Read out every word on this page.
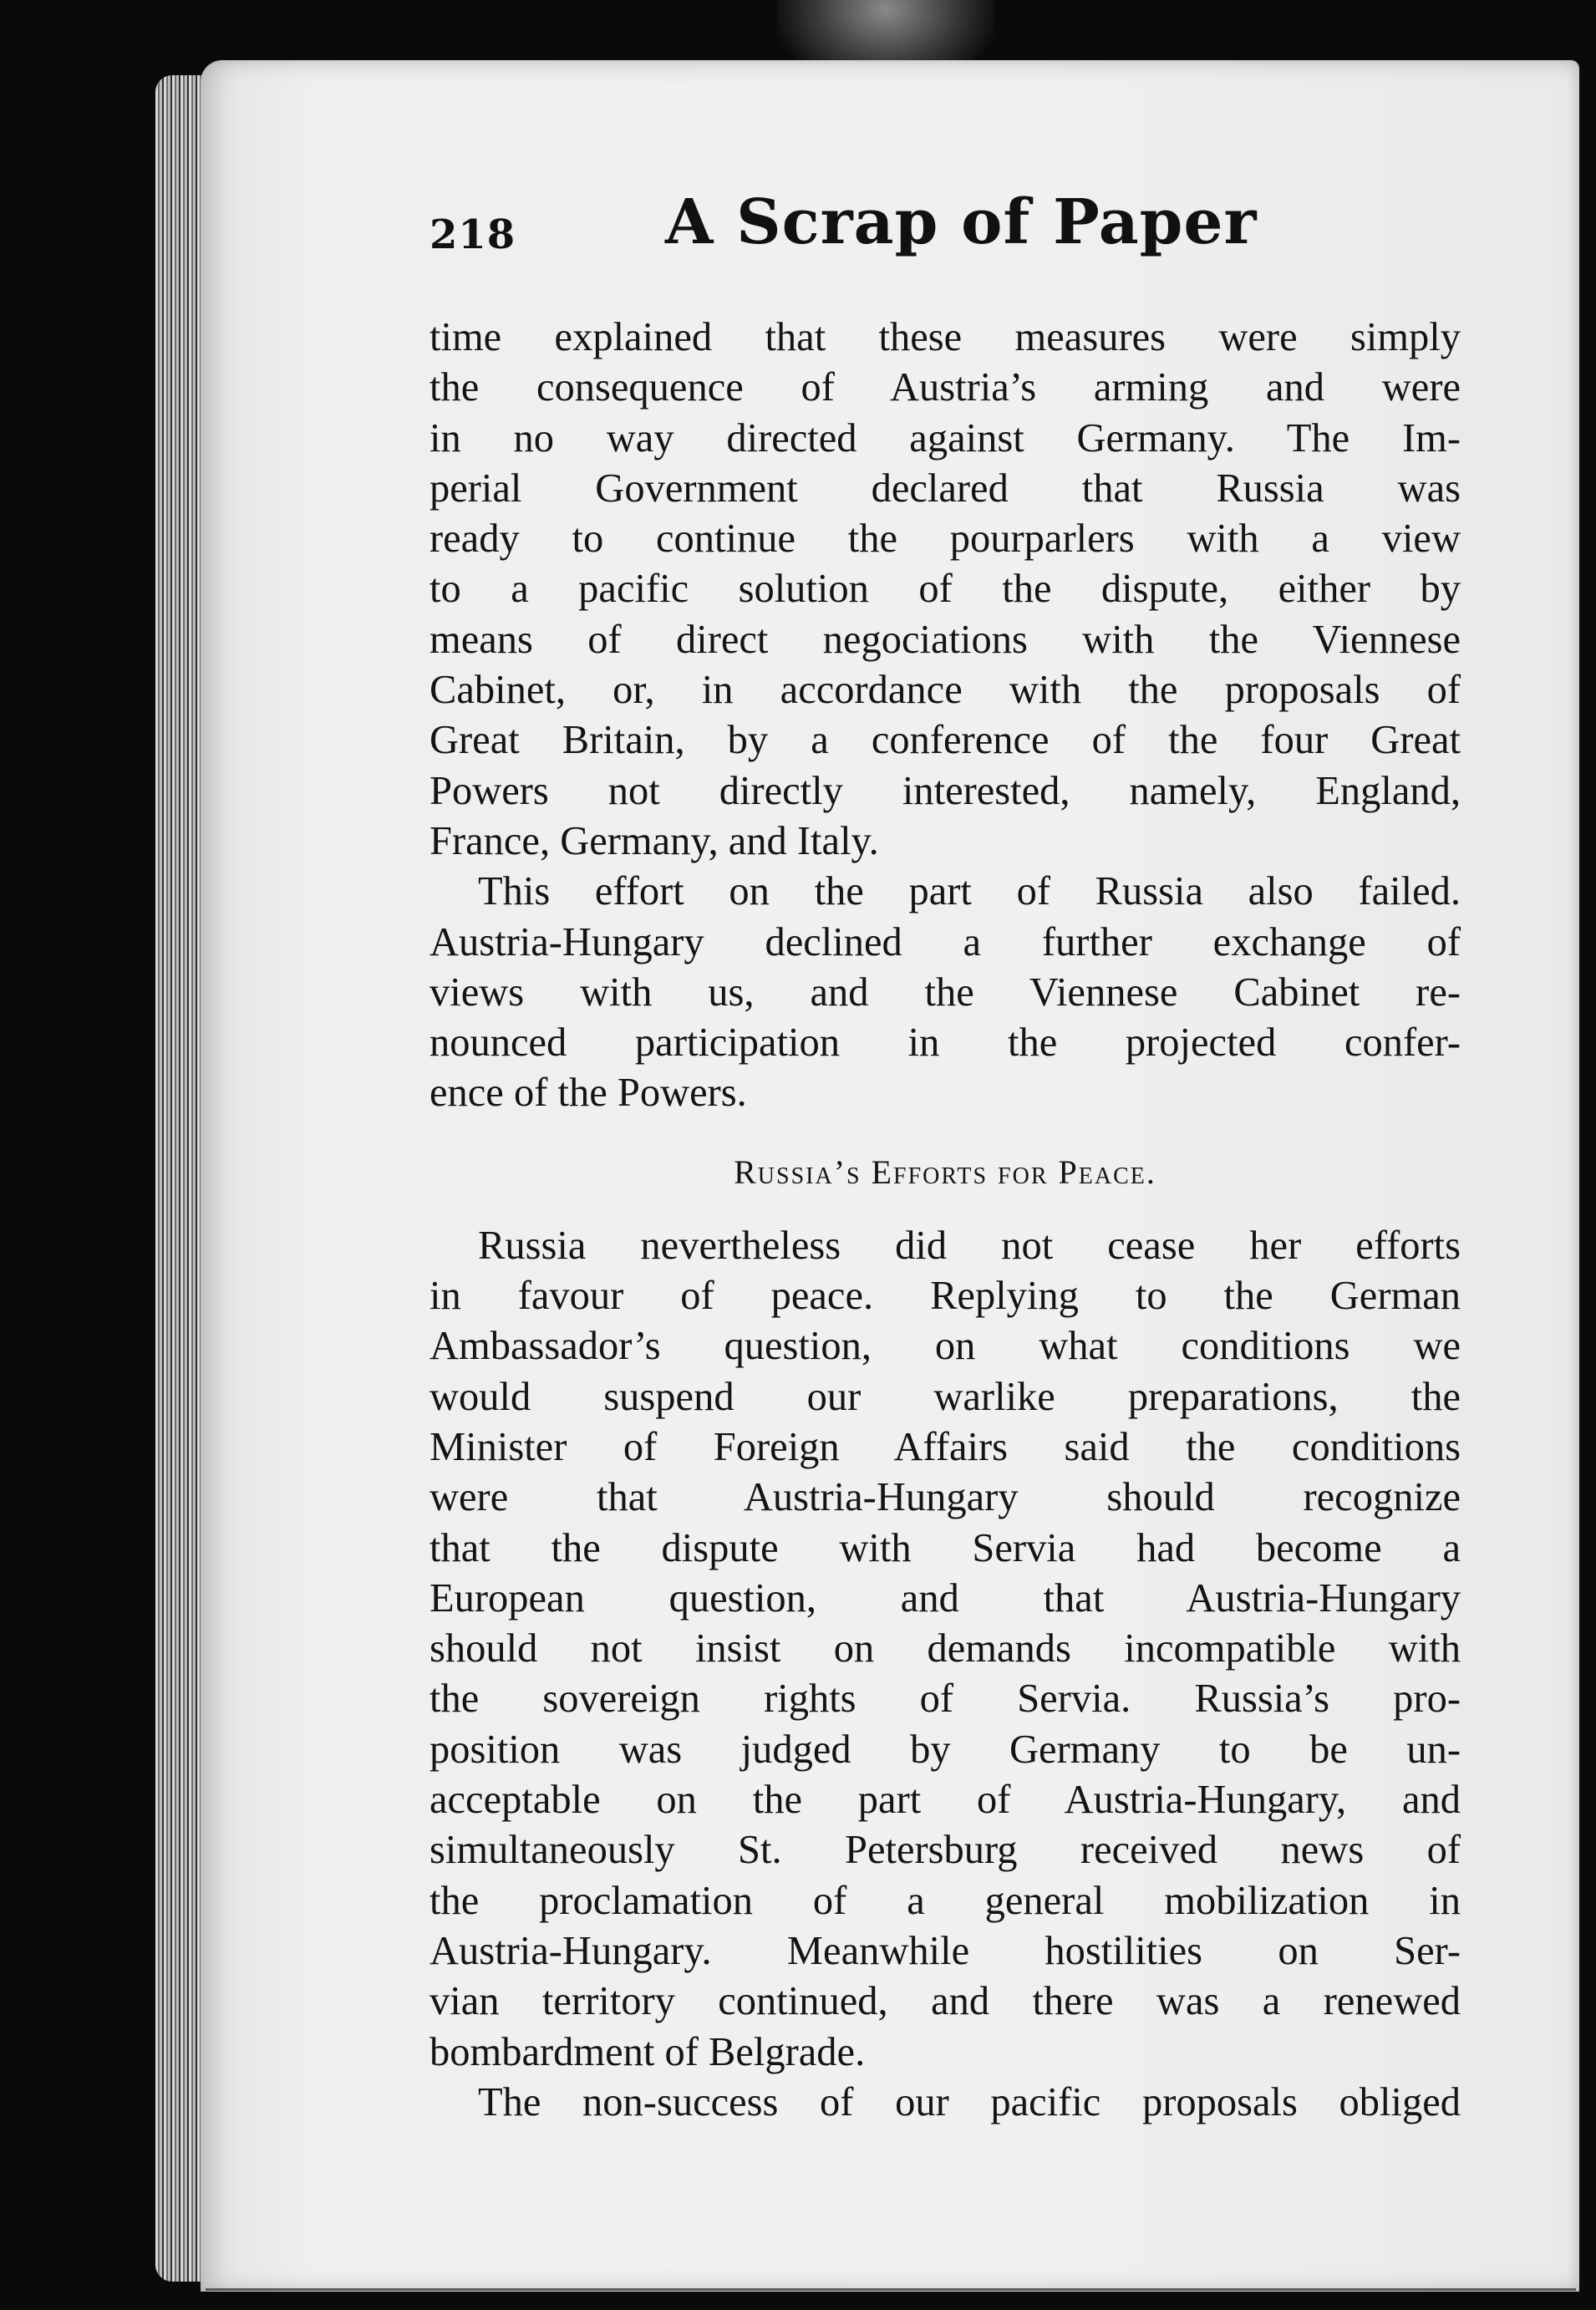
218 A Scrap of Paper
time explained that these measures were simply
the consequence of Austria’s arming and were
in no way directed against Germany. The Im-
perial Government declared that Russia was
ready to continue the pourparlers with a view
to a pacific solution of the dispute, either by
means of direct negociations with the Viennese
Cabinet, or, in accordance with the proposals of
Great Britain, by a conference of the four Great
Powers not directly interested, namely, England,
France, Germany, and Italy.
This effort on the part of Russia also failed.
Austria-Hungary declined a further exchange of
views with us, and the Viennese Cabinet re-
nounced participation in the projected confer-
ence of the Powers.
Russia’s Efforts for Peace.
Russia nevertheless did not cease her efforts
in favour of peace. Replying to the German
Ambassador’s question, on what conditions we
would suspend our warlike preparations, the
Minister of Foreign Affairs said the conditions
were that Austria-Hungary should recognize
that the dispute with Servia had become a
European question, and that Austria-Hungary
should not insist on demands incompatible with
the sovereign rights of Servia. Russia’s pro-
position was judged by Germany to be un-
acceptable on the part of Austria-Hungary, and
simultaneously St. Petersburg received news of
the proclamation of a general mobilization in
Austria-Hungary. Meanwhile hostilities on Ser-
vian territory continued, and there was a renewed
bombardment of Belgrade.
The non-success of our pacific proposals obliged
